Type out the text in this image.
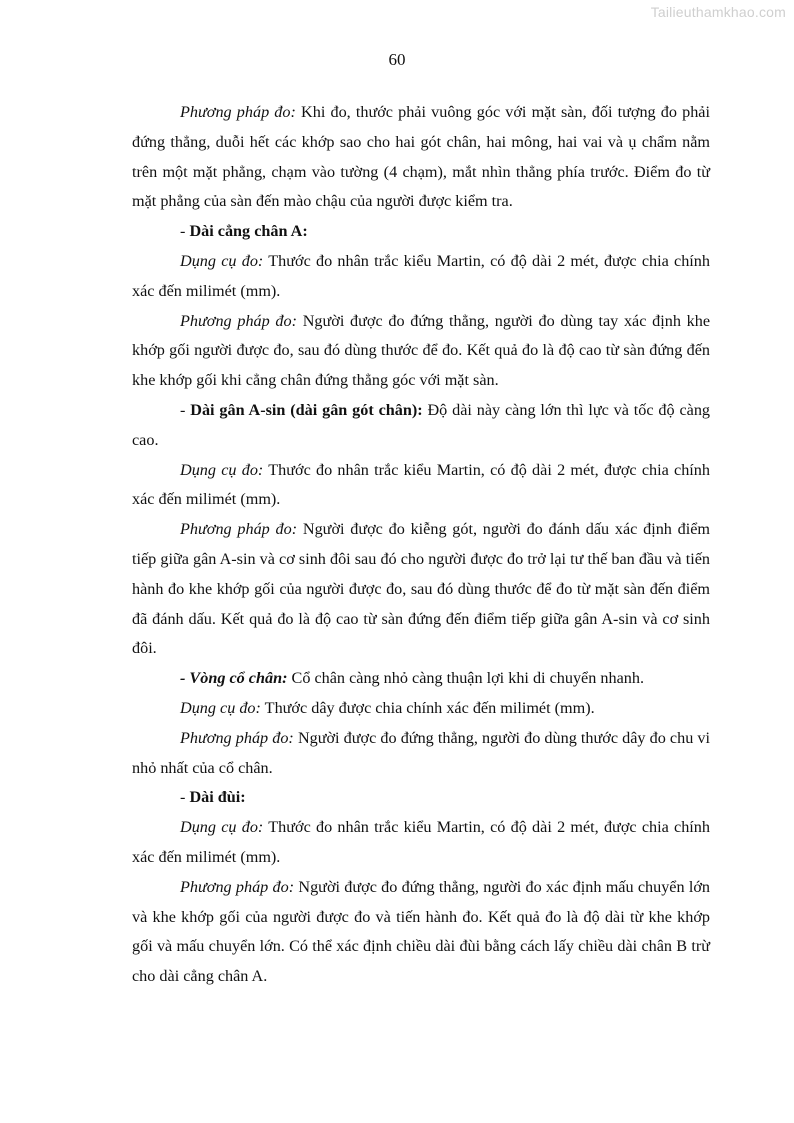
Tailieuthamkhao.com
60

Phương pháp đo: Khi đo, thước phải vuông góc với mặt sàn, đối tượng đo phải đứng thẳng, duỗi hết các khớp sao cho hai gót chân, hai mông, hai vai và ụ chẩm nằm trên một mặt phẳng, chạm vào tường (4 chạm), mắt nhìn thẳng phía trước. Điểm đo từ mặt phẳng của sàn đến mào chậu của người được kiểm tra.

- Dài cẳng chân A:

Dụng cụ đo: Thước đo nhân trắc kiểu Martin, có độ dài 2 mét, được chia chính xác đến milimét (mm).

Phương pháp đo: Người được đo đứng thẳng, người đo dùng tay xác định khe khớp gối người được đo, sau đó dùng thước để đo. Kết quả đo là độ cao từ sàn đứng đến khe khớp gối khi cẳng chân đứng thẳng góc với mặt sàn.

- Dài gân A-sin (dài gân gót chân): Độ dài này càng lớn thì lực và tốc độ càng cao.

Dụng cụ đo: Thước đo nhân trắc kiểu Martin, có độ dài 2 mét, được chia chính xác đến milimét (mm).

Phương pháp đo: Người được đo kiễng gót, người đo đánh dấu xác định điểm tiếp giữa gân A-sin và cơ sinh đôi sau đó cho người được đo trở lại tư thế ban đầu và tiến hành đo khe khớp gối của người được đo, sau đó dùng thước để đo từ mặt sàn đến điểm đã đánh dấu. Kết quả đo là độ cao từ sàn đứng đến điểm tiếp giữa gân A-sin và cơ sinh đôi.

- Vòng cổ chân: Cổ chân càng nhỏ càng thuận lợi khi di chuyển nhanh.

Dụng cụ đo: Thước dây được chia chính xác đến milimét (mm).

Phương pháp đo: Người được đo đứng thẳng, người đo dùng thước dây đo chu vi nhỏ nhất của cổ chân.

- Dài đùi:

Dụng cụ đo: Thước đo nhân trắc kiểu Martin, có độ dài 2 mét, được chia chính xác đến milimét (mm).

Phương pháp đo: Người được đo đứng thẳng, người đo xác định mấu chuyển lớn và khe khớp gối của người được đo và tiến hành đo. Kết quả đo là độ dài từ khe khớp gối và mấu chuyển lớn. Có thể xác định chiều dài đùi bằng cách lấy chiều dài chân B trừ cho dài cẳng chân A.
